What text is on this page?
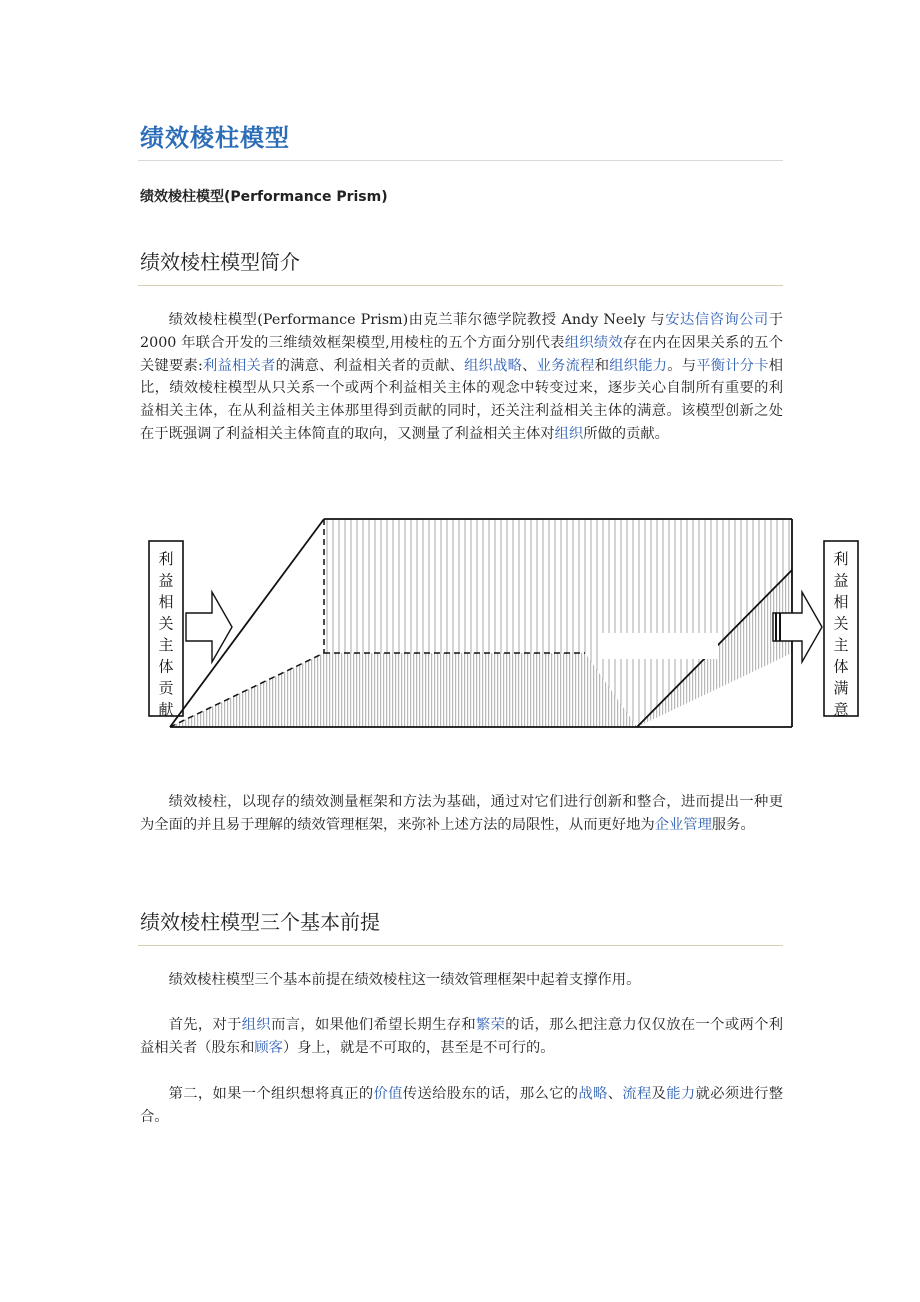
绩效棱柱模型

绩效棱柱模型(Performance Prism)

绩效棱柱模型简介

绩效棱柱模型(Performance Prism)由克兰菲尔德学院教授 Andy Neely 与安达信咨询公司于 2000 年联合开发的三维绩效框架模型,用棱柱的五个方面分别代表组织绩效存在内在因果关系的五个关键要素:利益相关者的满意、利益相关者的贡献、组织战略、业务流程和组织能力。与平衡计分卡相比，绩效棱柱模型从只关系一个或两个利益相关主体的观念中转变过来，逐步关心自制所有重要的利益相关主体，在从利益相关主体那里得到贡献的同时，还关注利益相关主体的满意。该模型创新之处在于既强调了利益相关主体简直的取向，又测量了利益相关主体对组织所做的贡献。

利
益
相
关
主
体
贡
献
利
益
相
关
主
体
满
意

绩效棱柱，以现存的绩效测量框架和方法为基础，通过对它们进行创新和整合，进而提出一种更为全面的并且易于理解的绩效管理框架，来弥补上述方法的局限性，从而更好地为企业管理服务。

绩效棱柱模型三个基本前提

绩效棱柱模型三个基本前提在绩效棱柱这一绩效管理框架中起着支撑作用。

首先，对于组织而言，如果他们希望长期生存和繁荣的话，那么把注意力仅仅放在一个或两个利益相关者（股东和顾客）身上，就是不可取的，甚至是不可行的。

第二，如果一个组织想将真正的价值传送给股东的话，那么它的战略、流程及能力就必须进行整合。
